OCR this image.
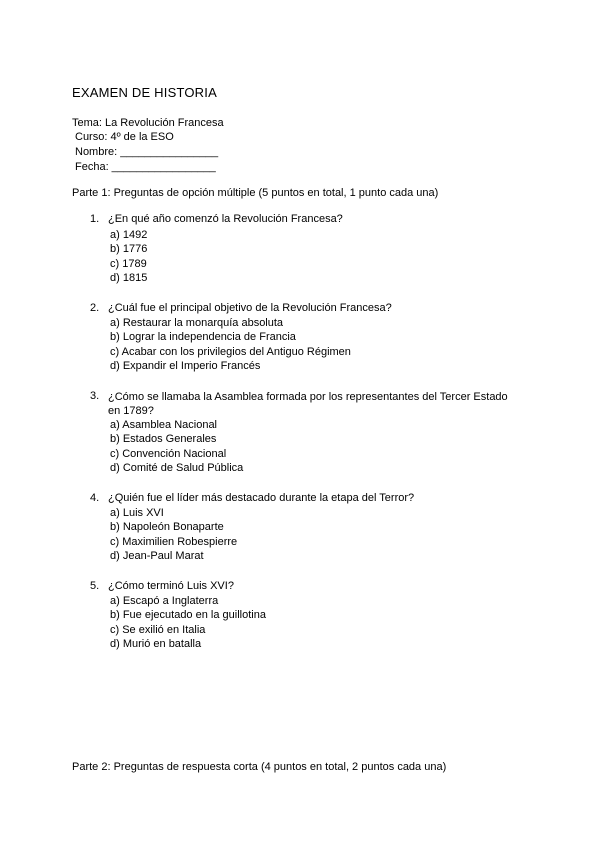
EXAMEN DE HISTORIA
Tema: La Revolución Francesa
Curso: 4º de la ESO
Nombre: ________________
Fecha: _________________
Parte 1: Preguntas de opción múltiple (5 puntos en total, 1 punto cada una)
1. ¿En qué año comenzó la Revolución Francesa?
a) 1492
b) 1776
c) 1789
d) 1815
2. ¿Cuál fue el principal objetivo de la Revolución Francesa?
a) Restaurar la monarquía absoluta
b) Lograr la independencia de Francia
c) Acabar con los privilegios del Antiguo Régimen
d) Expandir el Imperio Francés
3. ¿Cómo se llamaba la Asamblea formada por los representantes del Tercer Estado en 1789?
a) Asamblea Nacional
b) Estados Generales
c) Convención Nacional
d) Comité de Salud Pública
4. ¿Quién fue el líder más destacado durante la etapa del Terror?
a) Luis XVI
b) Napoleón Bonaparte
c) Maximilien Robespierre
d) Jean-Paul Marat
5. ¿Cómo terminó Luis XVI?
a) Escapó a Inglaterra
b) Fue ejecutado en la guillotina
c) Se exilió en Italia
d) Murió en batalla
Parte 2: Preguntas de respuesta corta (4 puntos en total, 2 puntos cada una)
